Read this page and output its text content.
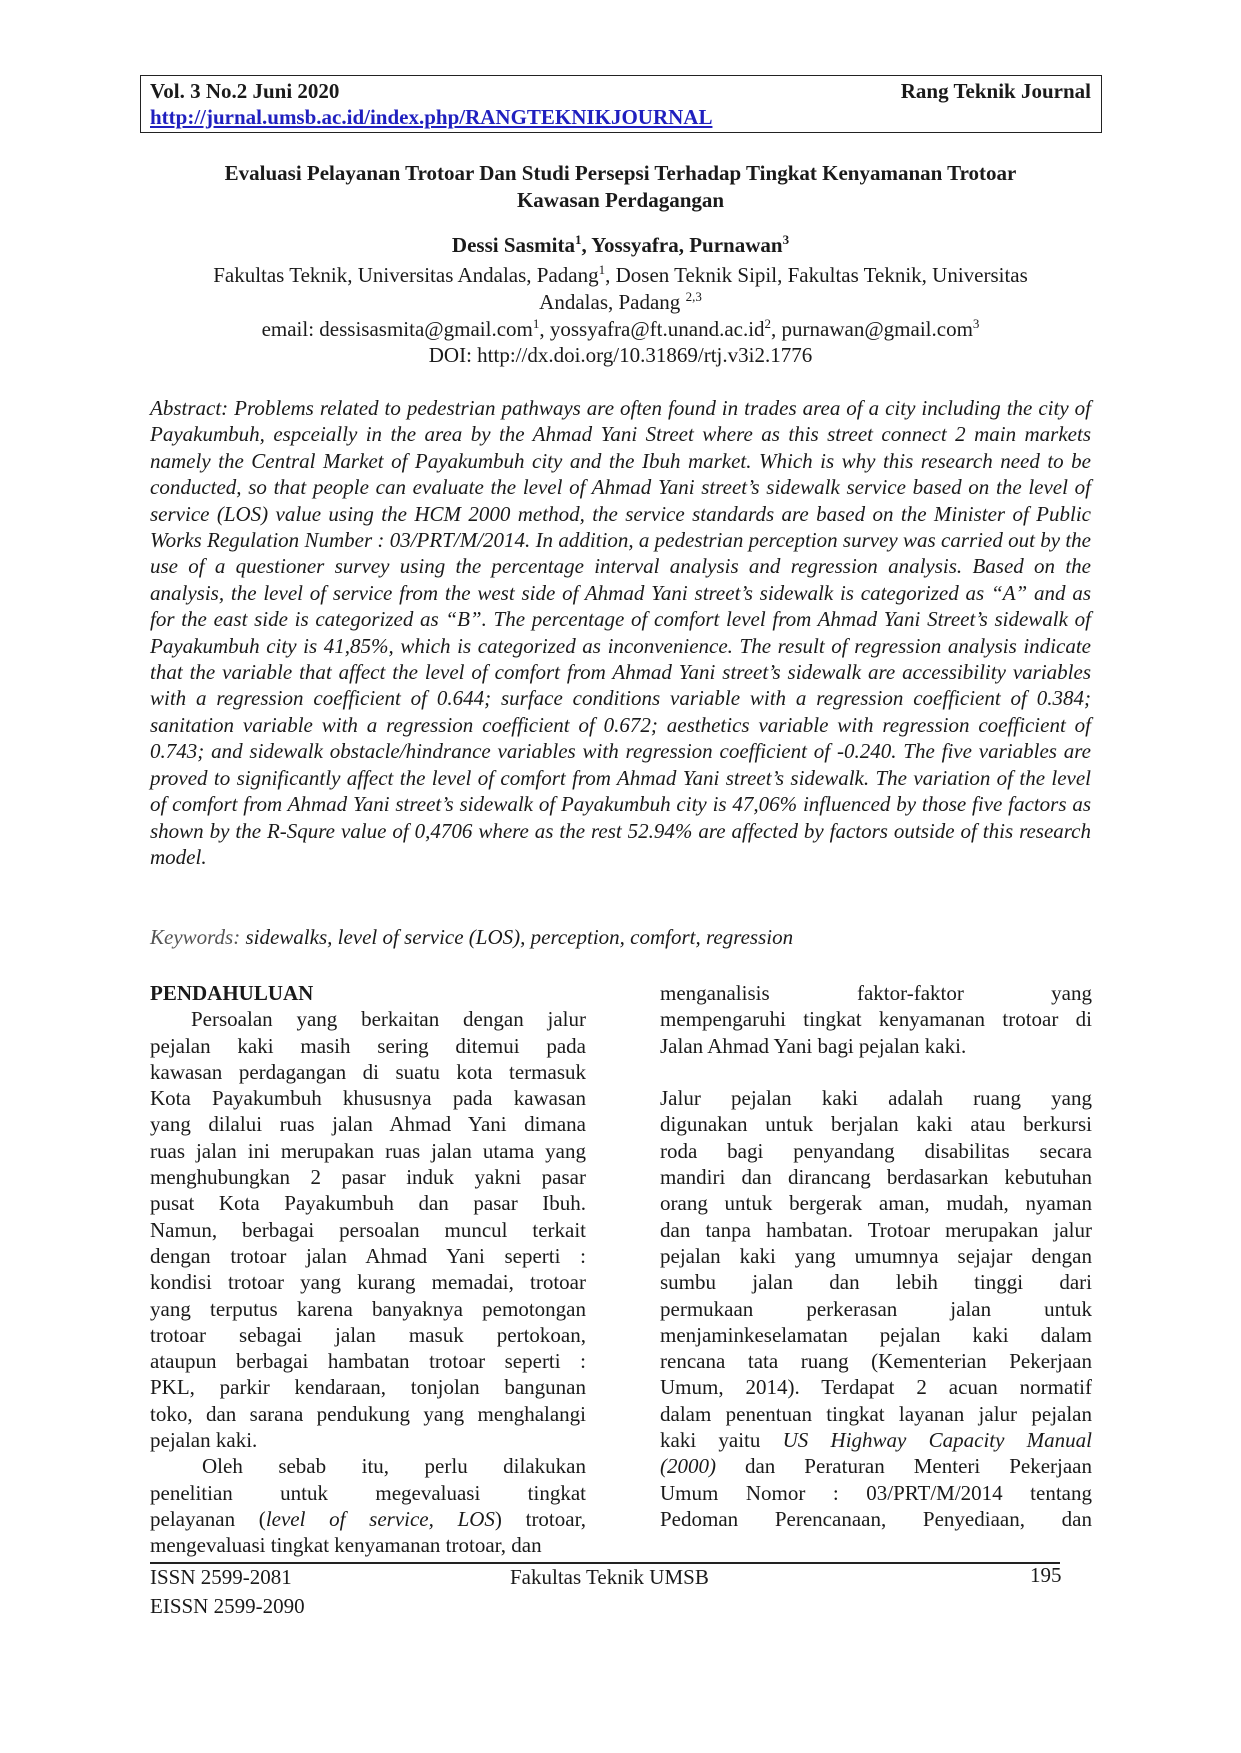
Vol. 3 No.2 Juni 2020	Rang Teknik Journal
http://jurnal.umsb.ac.id/index.php/RANGTEKNIKJOURNAL
Evaluasi Pelayanan Trotoar Dan Studi Persepsi Terhadap Tingkat Kenyamanan Trotoar
Kawasan Perdagangan
Dessi Sasmita$^1$, Yossyafra, Purnawan$^3$
Fakultas Teknik, Universitas Andalas, Padang$^1$, Dosen Teknik Sipil, Fakultas Teknik, Universitas
Andalas, Padang $^{2,3}$
email: dessisasmita@gmail.com$^1$, $yossyafra@ft.unand.ac.id^2$, purnawan@gmail.com$^3$
DOI: http://dx.doi.org/10.31869/rtj.v3i2.1776
Abstract: Problems related to pedestrian pathways are often found in trades area of a city including the city of Payakumbuh, espceially in the area by the Ahmad Yani Street where as this street connect 2 main markets namely the Central Market of Payakumbuh city and the Ibuh market. Which is why this research need to be conducted, so that people can evaluate the level of Ahmad Yani street’s sidewalk service based on the level of service (LOS) value using the HCM 2000 method, the service standards are based on the Minister of Public Works Regulation Number : 03/PRT/M/2014. In addition, a pedestrian perception survey was carried out by the use of a questioner survey using the percentage interval analysis and regression analysis. Based on the analysis, the level of service from the west side of Ahmad Yani street’s sidewalk is categorized as “A” and as for the east side is categorized as “B”. The percentage of comfort level from Ahmad Yani Street’s sidewalk of Payakumbuh city is 41,85%, which is categorized as inconvenience. The result of regression analysis indicate that the variable that affect the level of comfort from Ahmad Yani street’s sidewalk are accessibility variables with a regression coefficient of 0.644; surface conditions variable with a regression coefficient of 0.384; sanitation variable with a regression coefficient of 0.672; aesthetics variable with regression coefficient of 0.743; and sidewalk obstacle/hindrance variables with regression coefficient of -0.240. The five variables are proved to significantly affect the level of comfort from Ahmad Yani street’s sidewalk. The variation of the level of comfort from Ahmad Yani street’s sidewalk of Payakumbuh city is 47,06% influenced by those five factors as shown by the R-Squre value of 0,4706 where as the rest 52.94% are affected by factors outside of this research model.
Keywords: sidewalks, level of service (LOS), perception, comfort, regression
PENDAHULUAN
Persoalan yang berkaitan dengan jalur
pejalan kaki masih sering ditemui pada
kawasan perdagangan di suatu kota termasuk
Kota Payakumbuh khususnya pada kawasan
yang dilalui ruas jalan Ahmad Yani dimana
ruas jalan ini merupakan ruas jalan utama yang
menghubungkan 2 pasar induk yakni pasar
pusat Kota Payakumbuh dan pasar Ibuh.
Namun, berbagai persoalan muncul terkait
dengan trotoar jalan Ahmad Yani seperti :
kondisi trotoar yang kurang memadai, trotoar
yang terputus karena banyaknya pemotongan
trotoar sebagai jalan masuk pertokoan,
ataupun berbagai hambatan trotoar seperti :
PKL, parkir kendaraan, tonjolan bangunan
toko, dan sarana pendukung yang menghalangi
pejalan kaki.
Oleh sebab itu, perlu dilakukan
penelitian untuk megevaluasi tingkat
pelayanan (level of service, LOS) trotoar,
mengevaluasi tingkat kenyamanan trotoar, dan
menganalisis faktor-faktor yang
mempengaruhi tingkat kenyamanan trotoar di
Jalan Ahmad Yani bagi pejalan kaki.
Jalur pejalan kaki adalah ruang yang
digunakan untuk berjalan kaki atau berkursi
roda bagi penyandang disabilitas secara
mandiri dan dirancang berdasarkan kebutuhan
orang untuk bergerak aman, mudah, nyaman
dan tanpa hambatan. Trotoar merupakan jalur
pejalan kaki yang umumnya sejajar dengan
sumbu jalan dan lebih tinggi dari
permukaan perkerasan jalan untuk
menjaminkeselamatan pejalan kaki dalam
rencana tata ruang (Kementerian Pekerjaan
Umum, 2014). Terdapat 2 acuan normatif
dalam penentuan tingkat layanan jalur pejalan
kaki yaitu US Highway Capacity Manual
(2000) dan Peraturan Menteri Pekerjaan
Umum Nomor : 03/PRT/M/2014 tentang
Pedoman Perencanaan, Penyediaan, dan
ISSN 2599-2081
EISSN 2599-2090
Fakultas Teknik UMSB	195
